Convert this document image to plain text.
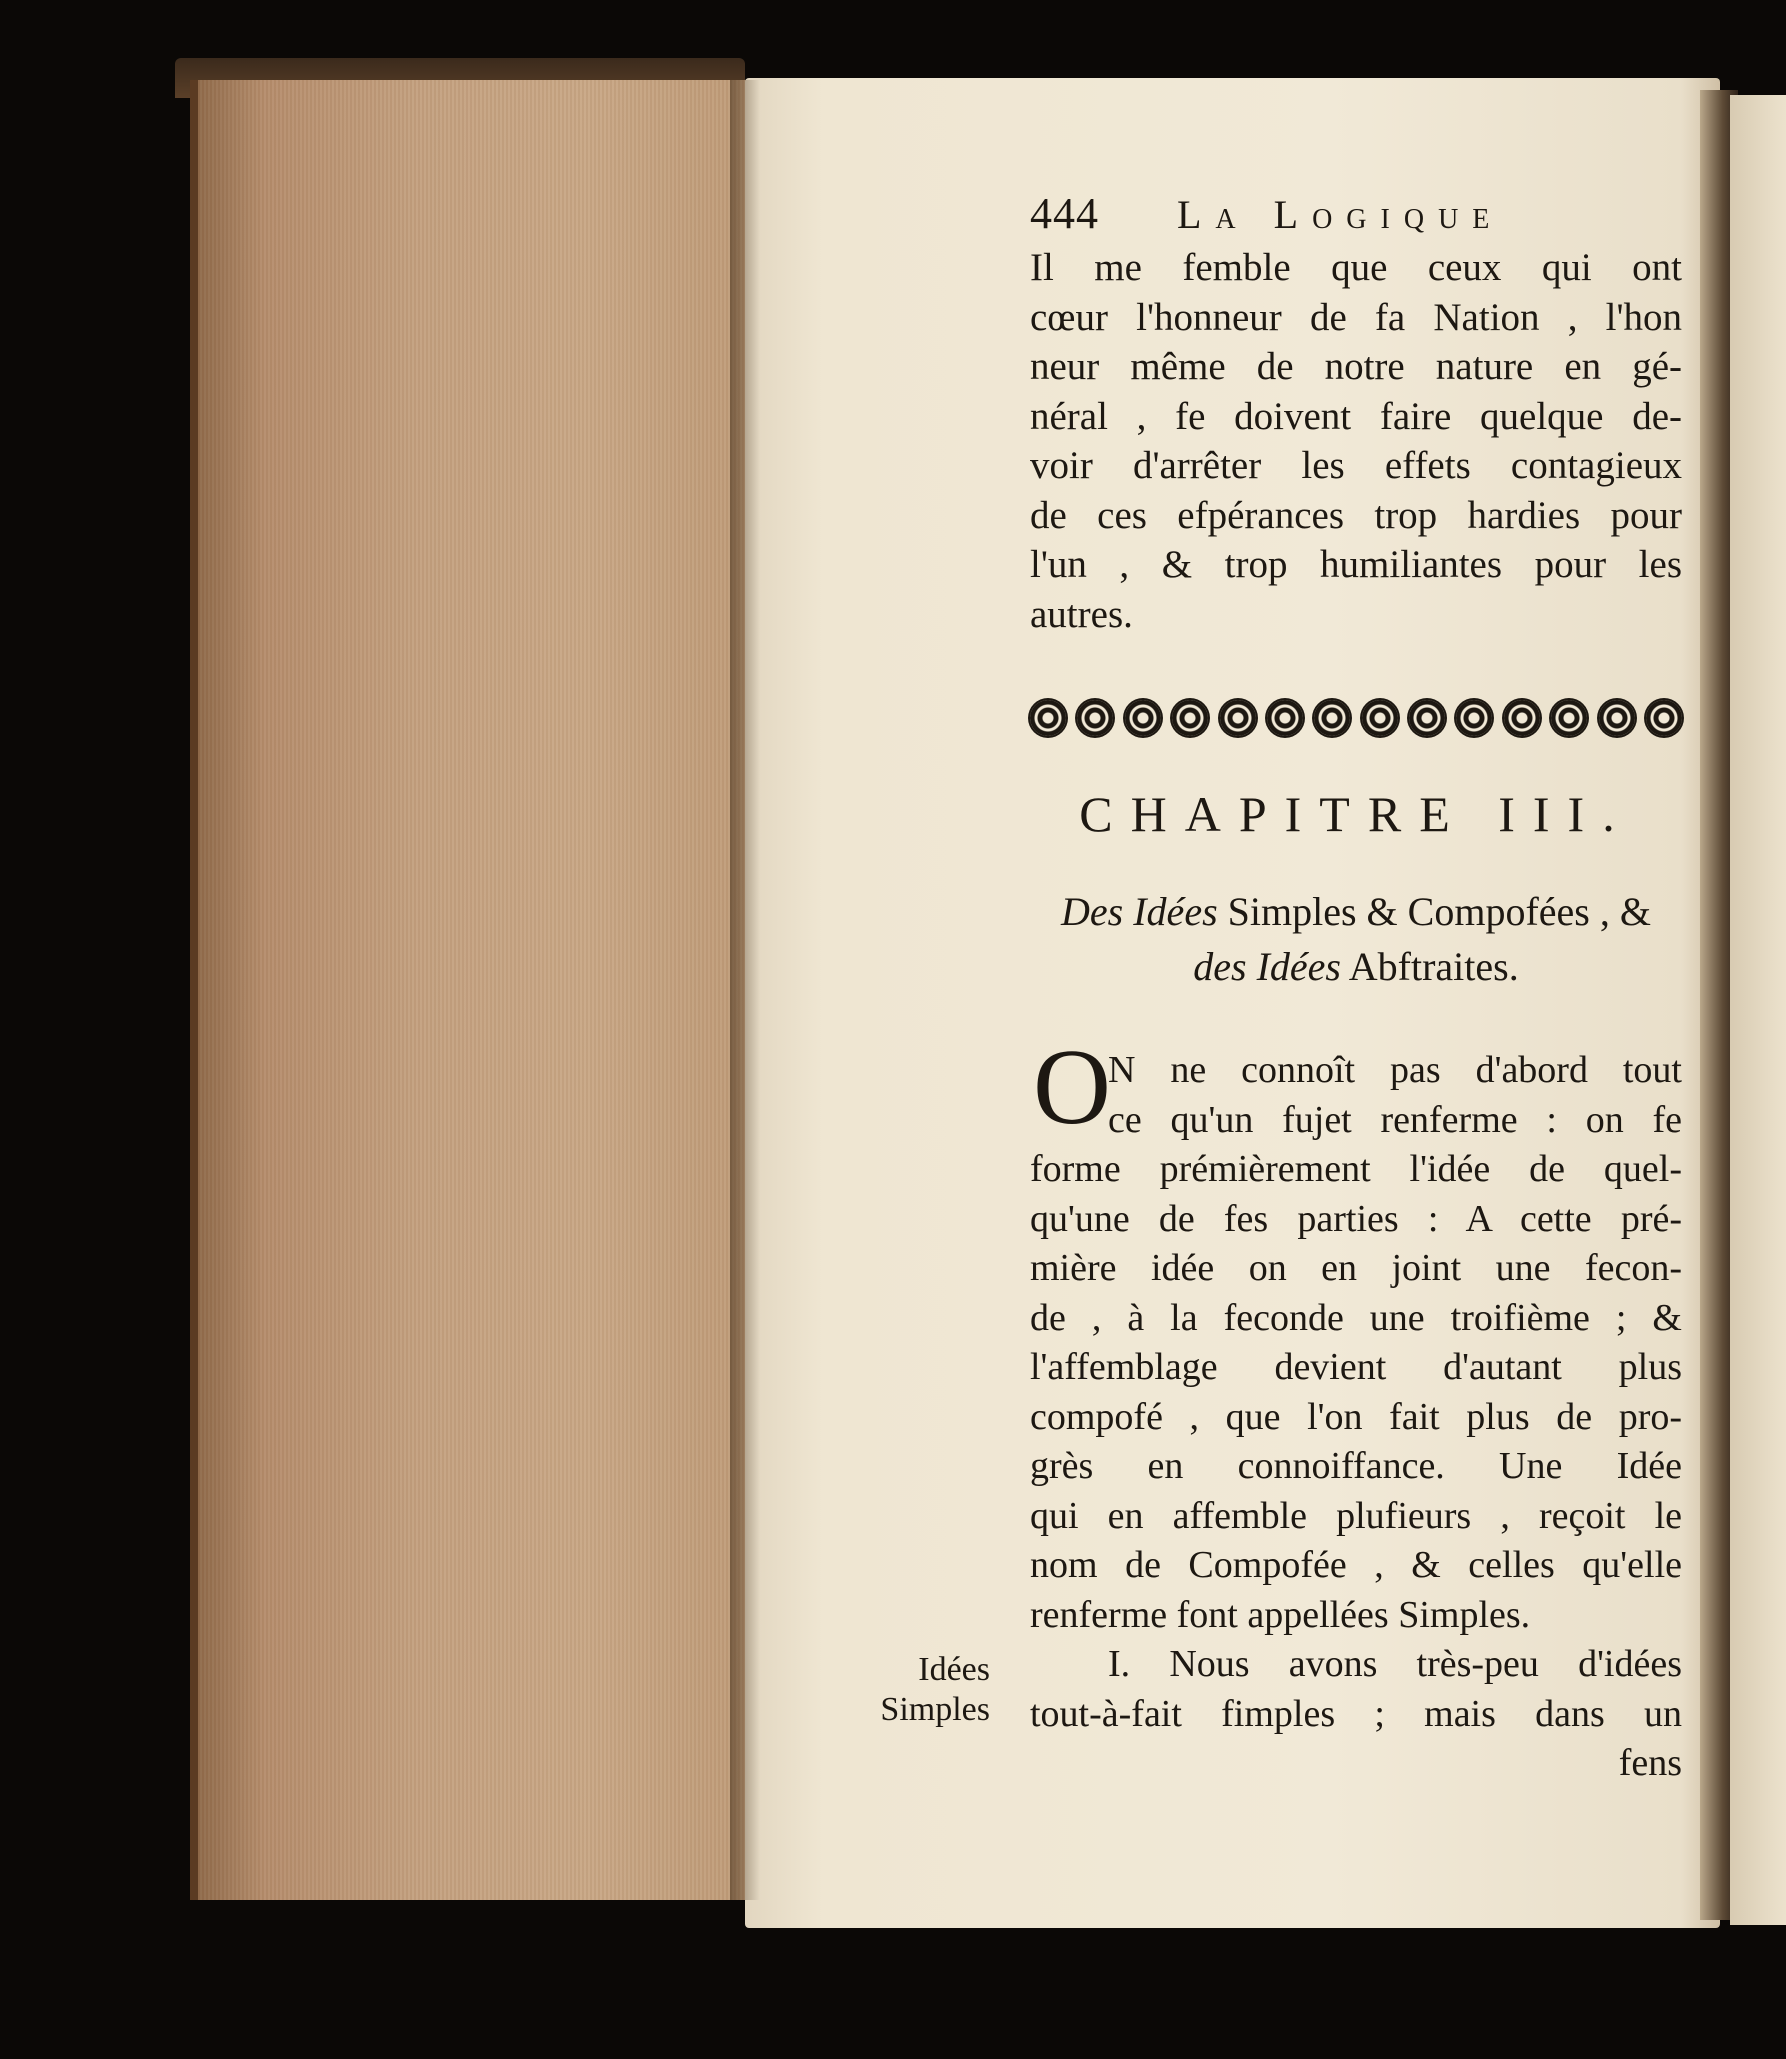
444 La Logique
Il me femble que ceux qui ont
cœur l'honneur de fa Nation , l'hon
neur même de notre nature en gé-
néral , fe doivent faire quelque de-
voir d'arrêter les effets contagieux
de ces efpérances trop hardies pour
l'un , & trop humiliantes pour les
autres.
CHAPITRE III.
Des Idées Simples & Compofées , &
des Idées Abftraites.
O
N ne connoît pas d'abord tout
ce qu'un fujet renferme : on fe
forme prémièrement l'idée de quel-
qu'une de fes parties : A cette pré-
mière idée on en joint une fecon-
de , à la feconde une troifième ; &
l'affemblage devient d'autant plus
compofé , que l'on fait plus de pro-
grès en connoiffance. Une Idée
qui en affemble plufieurs , reçoit le
nom de Compofée , & celles qu'elle
renferme font appellées Simples.
I. Nous avons très-peu d'idées
tout-à-fait fimples ; mais dans un
fens
Idées
Simples
